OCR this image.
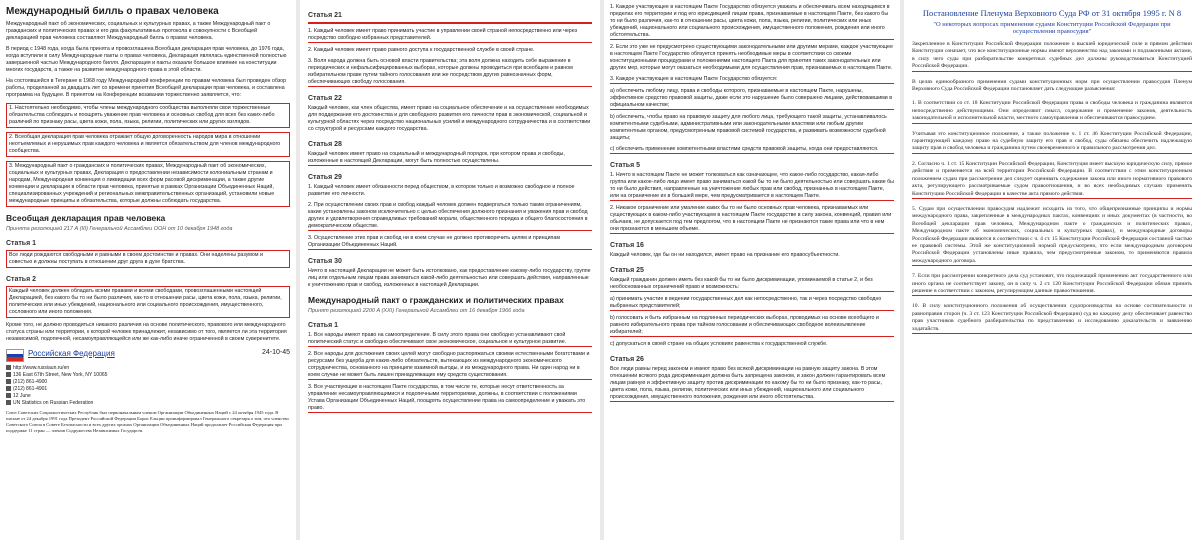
Международный билль о правах человека

Международный пакт об экономических, социальных и культурных правах, а также Международный пакт о гражданских и политических правах и его два факультативных протокола в совокупности с Всеобщей декларацией прав человека составляют Международный билль о правах человека.

В период с 1948 года, когда была принята и провозглашена Всеобщая декларация прав человека, до 1976 года, когда вступили в силу Международные пакты о правах человека, Декларация являлась единственной полностью завершенной частью Международного билля. Декларация и пакты оказали большое влияние на конституции многих государств, а также на развитие международного права в этой области.

На состоявшейся в Тегеране в 1968 году Международной конференции по правам человека был проведен обзор работы, проделанной за двадцать лет со времени принятия Всеобщей декларации прав человека, и составлена программа на будущее. В принятом на Конференции воззвании торжественно заявляется, что:

1. Настоятельно необходимо, чтобы члены международного сообщества выполняли свои торжественные обязательства соблюдать и поощрять уважение прав человека и основных свобод для всех без каких-либо различий по признаку расы, цвета кожи, пола, языка, религии, политических или других взглядов.
2. Всеобщая декларация прав человека отражает общую договоренность народов мира в отношении неотъемлемых и нерушимых прав каждого человека и является обязательством для членов международного сообщества.
3. Международный пакт о гражданских и политических правах, Международный пакт об экономических, социальных и культурных правах, Декларация о предоставлении независимости колониальным странам и народам, Международная конвенция о ликвидации всех форм расовой дискриминации, а также другие конвенции и декларации в области прав человека, принятые в рамках Организации Объединенных Наций, специализированных учреждений и региональных межправительственных организаций, установили новые международные принципы и обязательства, которые должны соблюдать государства.
Всеобщая декларация прав человека
Принята резолюцией 217 А (III) Генеральной Ассамблеи ООН от 10 декабря 1948 года
Статья 1
Все люди рождаются свободными и равными в своем достоинстве и правах. Они наделены разумом и совестью и должны поступать в отношении друг друга в духе братства.
Статья 2
Каждый человек должен обладать всеми правами и всеми свободами, провозглашенными настоящей Декларацией, без какого бы то ни было различия, как-то в отношении расы, цвета кожи, пола, языка, религии, политических или иных убеждений, национального или социального происхождения, имущественного, сословного или иного положения.

Кроме того, не должно проводиться никакого различия на основе политического, правового или международного статуса страны или территории, к которой человек принадлежит, независимо от того, является ли эта территория независимой, подопечной, несамоуправляющейся или же как-либо иначе ограниченной в своем суверенитете.

Российская Федерация	24-10-45
http://www.russiaun.ru/en
136 East 67th Street, New York, NY 10065
(212) 861-4900
(212) 861-4901
12 June
UN Statistics on Russian Federation

Союз Советских Социалистических Республик был первоначальным членом Организации Объединенных Наций с 24 октября 1945 года. В письме от 24 декабря 1991 года Президент Российской Федерации Борис Ельцин проинформировал Генерального секретаря о том, что членство Советского Союза в Совете Безопасности и всех других органах Организации Объединенных Наций продолжает Российская Федерация при поддержке 11 стран — членов Содружества Независимых Государств.

Статья 21

1. Каждый человек имеет право принимать участие в управлении своей страной непосредственно или через посредство свободно избранных представителей.

2. Каждый человек имеет право равного доступа к государственной службе в своей стране.

3. Воля народа должна быть основой власти правительства; эта воля должна находить себе выражение в периодических и нефальсифицированных выборах, которые должны проводиться при всеобщем и равном избирательном праве путем тайного голосования или же посредством других равнозначных форм, обеспечивающих свободу голосования.

Статья 22

Каждый человек, как член общества, имеет право на социальное обеспечение и на осуществление необходимых для поддержания его достоинства и для свободного развития его личности прав в экономической, социальной и культурной областях через посредство национальных усилий и международного сотрудничества и в соответствии со структурой и ресурсами каждого государства.

Статья 28

Каждый человек имеет право на социальный и международный порядок, при котором права и свободы, изложенные в настоящей Декларации, могут быть полностью осуществлены.

Статья 29

1. Каждый человек имеет обязанности перед обществом, в котором только и возможно свободное и полное развитие его личности.

2. При осуществлении своих прав и свобод каждый человек должен подвергаться только таким ограничениям, какие установлены законом исключительно с целью обеспечения должного признания и уважения прав и свобод других и удовлетворения справедливых требований морали, общественного порядка и общего благосостояния в демократическом обществе.

3. Осуществление этих прав и свобод ни в коем случае не должно противоречить целям и принципам Организации Объединенных Наций.

Статья 30

Ничто в настоящей Декларации не может быть истолковано, как предоставление какому-либо государству, группе лиц или отдельным лицам права заниматься какой-либо деятельностью или совершать действия, направленные к уничтожению прав и свобод, изложенных в настоящей Декларации.

Международный пакт о гражданских и политических правах
Принят резолюцией 2200 A (XXI) Генеральной Ассамблеи от 16 декабря 1966 года
Статья 1

1. Все народы имеют право на самоопределение. В силу этого права они свободно устанавливают свой политический статус и свободно обеспечивают свое экономическое, социальное и культурное развитие.

2. Все народы для достижения своих целей могут свободно распоряжаться своими естественными богатствами и ресурсами без ущерба для каких-либо обязательств, вытекающих из международного экономического сотрудничества, основанного на принципе взаимной выгоды, и из международного права. Ни один народ ни в коем случае не может быть лишен принадлежащих ему средств существования.

3. Все участвующие в настоящем Пакте государства, в том числе те, которые несут ответственность за управление несамоуправляющимися и подопечными территориями, должны, в соответствии с положениями Устава Организации Объединенных Наций, поощрять осуществление права на самоопределение и уважать это право.

1. Каждое участвующее в настоящем Пакте Государство обязуется уважать и обеспечивать всем находящимся в пределах его территории и под его юрисдикцией лицам права, признаваемые в настоящем Пакте, без какого бы то ни было различия, как-то в отношении расы, цвета кожи, пола, языка, религии, политических или иных убеждений, национального или социального происхождения, имущественного положения, рождения или иного обстоятельства.

2. Если это уже не предусмотрено существующими законодательными или другими мерами, каждое участвующее в настоящем Пакте Государство обязуется принять необходимые меры в соответствии со своими конституционными процедурами и положениями настоящего Пакта для принятия таких законодательных или других мер, которые могут оказаться необходимыми для осуществления прав, признаваемых в настоящем Пакте.

3. Каждое участвующее в настоящем Пакте Государство обязуется:

a) обеспечить любому лицу, права и свободы которого, признаваемые в настоящем Пакте, нарушены, эффективное средство правовой защиты, даже если это нарушение было совершено лицами, действовавшими в официальном качестве;

b) обеспечить, чтобы право на правовую защиту для любого лица, требующего такой защиты, устанавливалось компетентными судебными, административными или законодательными властями или любым другим компетентным органом, предусмотренным правовой системой государства, и развивать возможности судебной защиты;

c) обеспечить применение компетентными властями средств правовой защиты, когда они предоставляются.

Статья 5

1. Ничто в настоящем Пакте не может толковаться как означающее, что какое-либо государство, какая-либо группа или какое-либо лицо имеет право заниматься какой бы то ни было деятельностью или совершать какие бы то ни было действия, направленные на уничтожение любых прав или свобод, признанных в настоящем Пакте, или на ограничение их в большей мере, чем предусматривается в настоящем Пакте.

2. Никакое ограничение или умаление каких бы то ни было основных прав человека, признаваемых или существующих в каком-либо участвующем в настоящем Пакте государстве в силу закона, конвенций, правил или обычаев, не допускается под тем предлогом, что в настоящем Пакте не признаются такие права или что в нем они признаются в меньшем объеме.

Статья 16

Каждый человек, где бы он ни находился, имеет право на признание его правосубъектности.

Статья 25

Каждый гражданин должен иметь без какой бы то ни было дискриминации, упоминаемой в статье 2, и без необоснованных ограничений право и возможность:

a) принимать участие в ведении государственных дел как непосредственно, так и через посредство свободно выбранных представителей;

b) голосовать и быть избранным на подлинных периодических выборах, проводимых на основе всеобщего и равного избирательного права при тайном голосовании и обеспечивающих свободное волеизъявление избирателей;

c) допускаться в своей стране на общих условиях равенства к государственной службе.

Статья 26

Все люди равны перед законом и имеют право без всякой дискриминации на равную защиту закона. В этом отношении всякого рода дискриминация должна быть запрещена законом, и закон должен гарантировать всем лицам равную и эффективную защиту против дискриминации по какому бы то ни было признаку, как-то расы, цвета кожи, пола, языка, религии, политических или иных убеждений, национального или социального происхождения, имущественного положения, рождения или иного обстоятельства.

Постановление Пленума Верховного Суда РФ от 31 октября 1995 г. N 8
"О некоторых вопросах применения судами Конституции Российской Федерации при осуществлении правосудия"

Закрепленное в Конституции Российской Федерации положение о высшей юридической силе и прямом действии Конституции означает, что все конституционные нормы имеют верховенство над законами и подзаконными актами, в силу чего суды при разбирательстве конкретных судебных дел должны руководствоваться Конституцией Российской Федерации.

В целях единообразного применения судами конституционных норм при осуществлении правосудия Пленум Верховного Суда Российской Федерации постановляет дать следующие разъяснения:

1. В соответствии со ст. 18 Конституции Российской Федерации права и свободы человека и гражданина являются непосредственно действующими. Они определяют смысл, содержание и применение законов, деятельность законодательной и исполнительной власти, местного самоуправления и обеспечиваются правосудием.

Учитывая это конституционное положение, а также положение ч. 1 ст. 46 Конституции Российской Федерации, гарантирующей каждому право на судебную защиту его прав и свобод, суды обязаны обеспечить надлежащую защиту прав и свобод человека и гражданина путем своевременного и правильного рассмотрения дел.

2. Согласно ч. 1 ст. 15 Конституции Российской Федерации, Конституция имеет высшую юридическую силу, прямое действие и применяется на всей территории Российской Федерации. В соответствии с этим конституционным положением судам при рассмотрении дел следует оценивать содержание закона или иного нормативного правового акта, регулирующего рассматриваемые судом правоотношения, и во всех необходимых случаях применять Конституцию Российской Федерации в качестве акта прямого действия.

5. Судам при осуществлении правосудия надлежит исходить из того, что общепризнанные принципы и нормы международного права, закрепленные в международных пактах, конвенциях и иных документах (в частности, во Всеобщей декларации прав человека, Международном пакте о гражданских и политических правах, Международном пакте об экономических, социальных и культурных правах), и международные договоры Российской Федерации являются в соответствии с ч. 4 ст. 15 Конституции Российской Федерации составной частью ее правовой системы. Этой же конституционной нормой предусмотрено, что если международным договором Российской Федерации установлены иные правила, чем предусмотренные законом, то применяются правила международного договора.

7. Если при рассмотрении конкретного дела суд установит, что подлежащий применению акт государственного или иного органа не соответствует закону, он в силу ч. 2 ст. 120 Конституции Российской Федерации обязан принять решение в соответствии с законом, регулирующим данные правоотношения.

10. В силу конституционного положения об осуществлении судопроизводства на основе состязательности и равноправия сторон (ч. 3 ст. 123 Конституции Российской Федерации) суд во каждому делу обеспечивает равенство прав участников судебного разбирательства по представлению и исследованию доказательств и заявлению ходатайств.
